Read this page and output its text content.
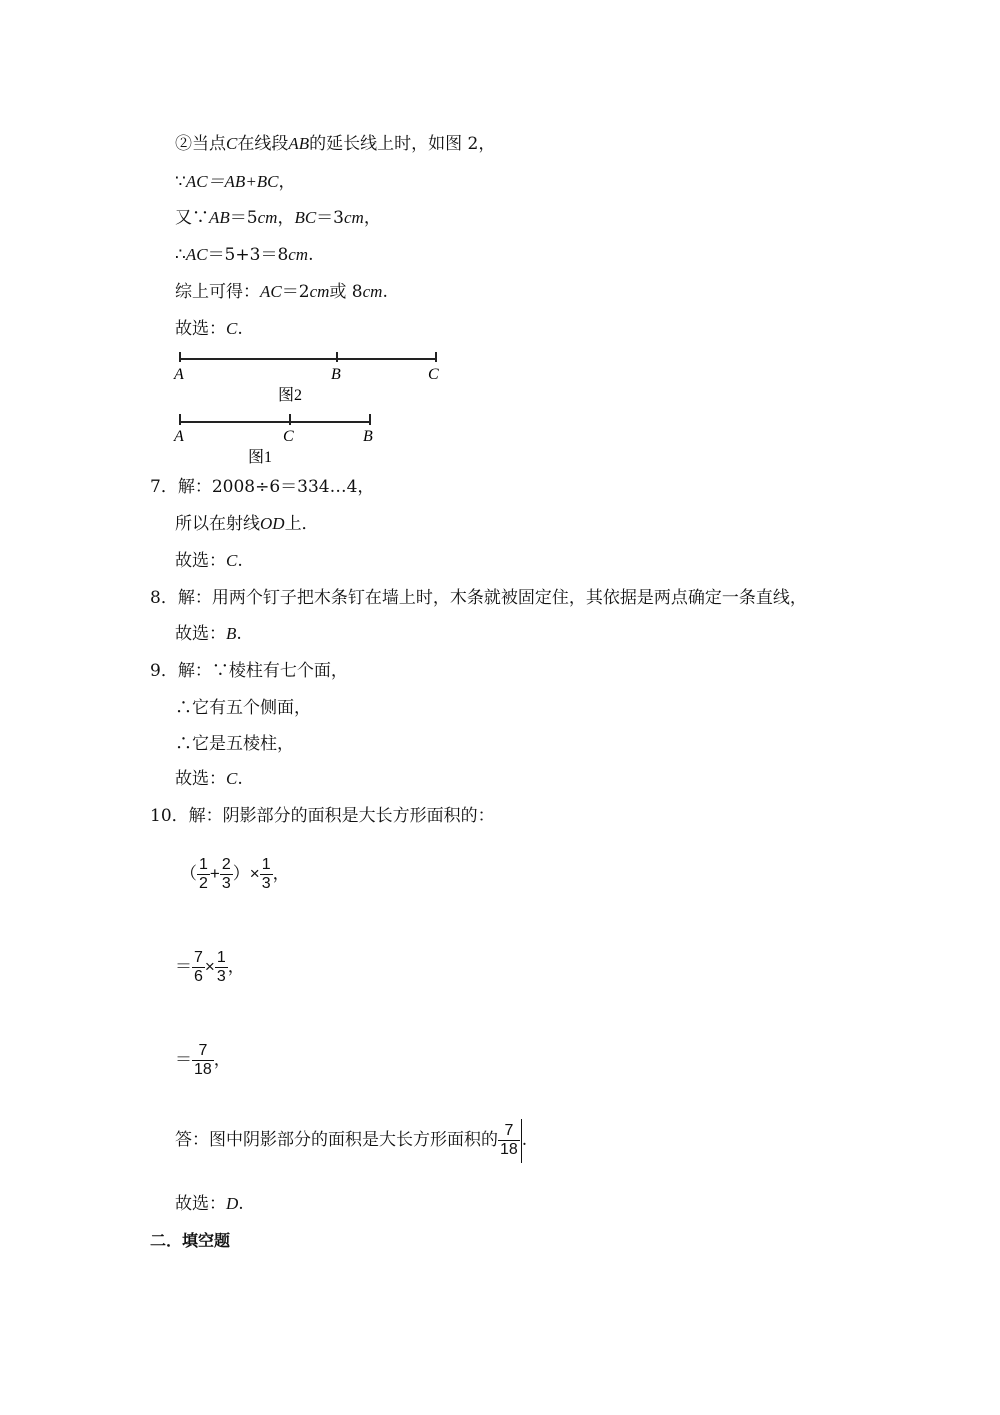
②当点C在线段AB的延长线上时，如图 2，
∵AC＝AB+BC，
又∵AB＝5cm，BC＝3cm，
∴AC＝5+3＝8cm.
综上可得：AC＝2cm或 8cm.
故选：C.
A	B	C
图2
A	C	B
图1
7．解：2008÷6＝334…4，
所以在射线OD上．
故选：C.
8．解：用两个钉子把木条钉在墙上时，木条就被固定住，其依据是两点确定一条直线，
故选：B.
9．解：∵棱柱有七个面，
∴它有五个侧面，
∴它是五棱柱，
故选：C.
10．解：阴影部分的面积是大长方形面积的：
（ $\frac{1}{2} + \frac{2}{3}$ ）× $\frac{1}{3}$ ，
＝ $\frac{7}{6} \times \frac{1}{3}$ ，
＝ $\frac{7}{18}$ ，
答：图中阴影部分的面积是大长方形面积的 $\frac{7}{18}$ .
故选：D.
二．填空题
